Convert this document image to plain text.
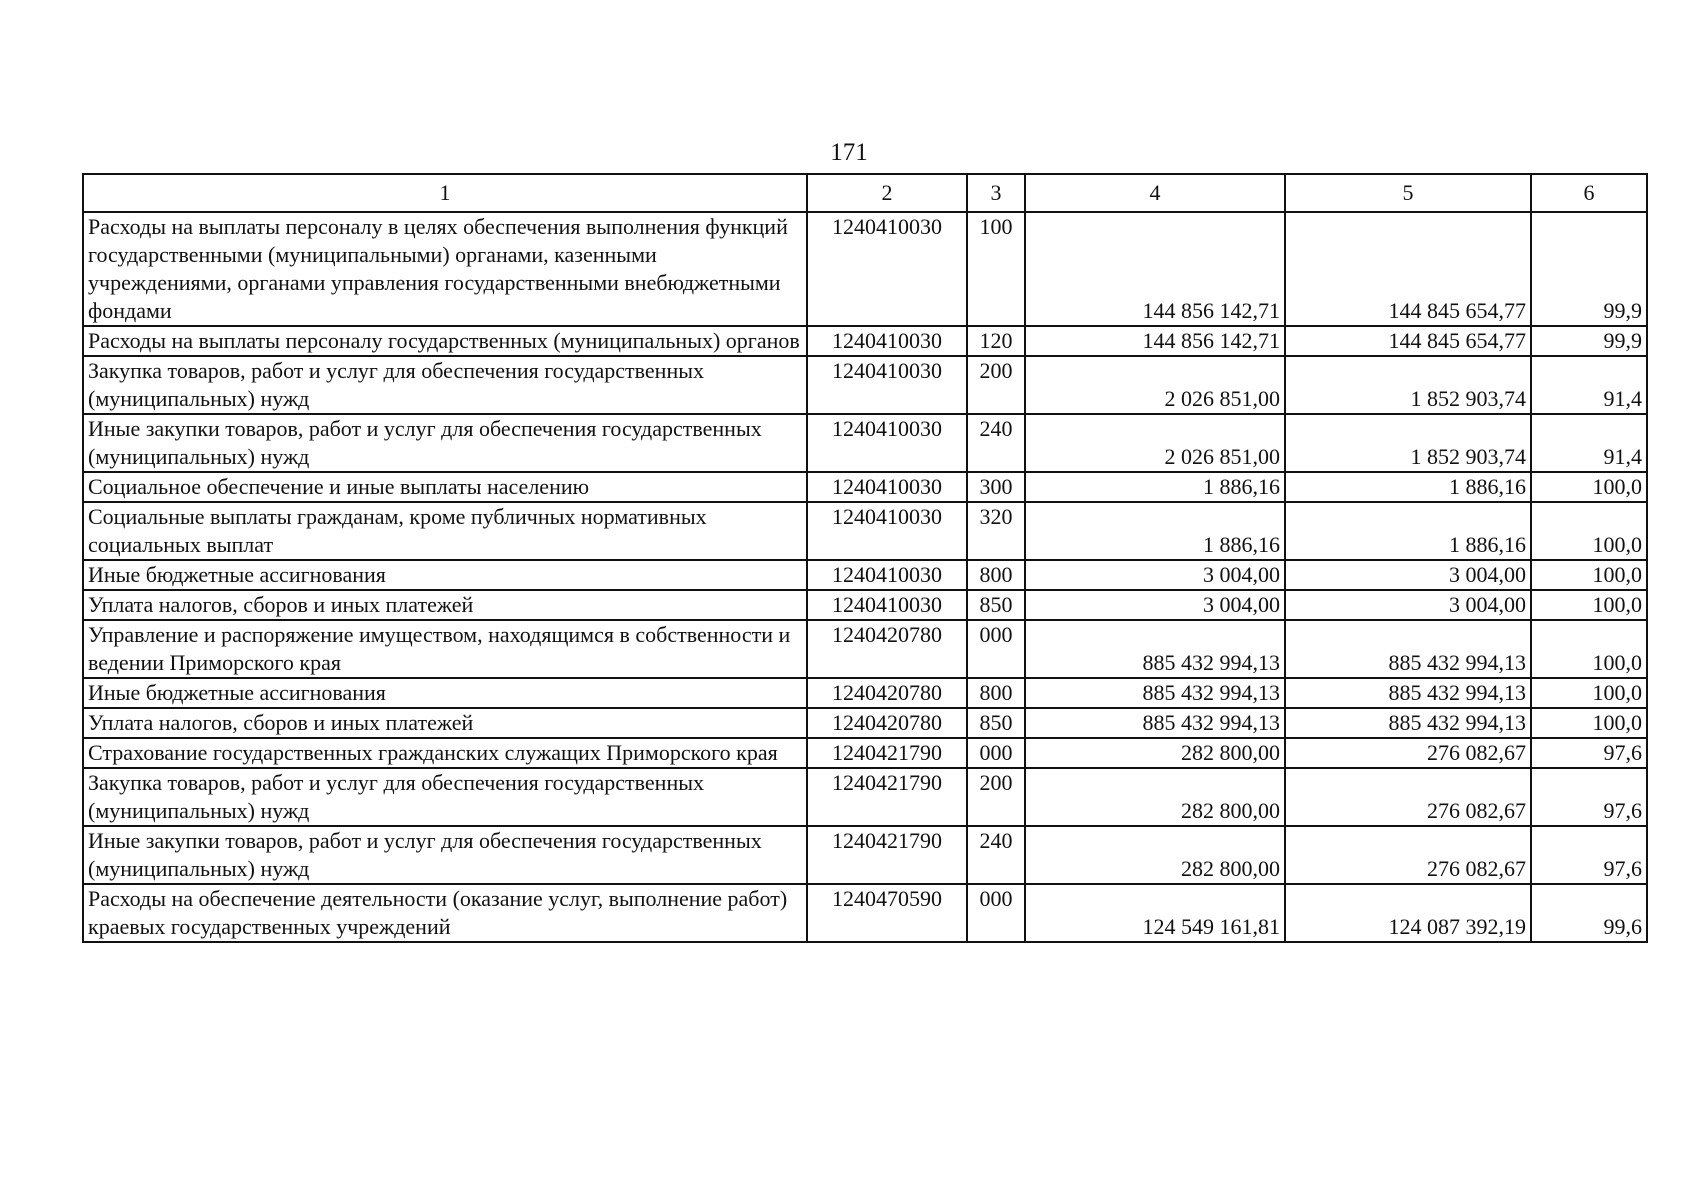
171
1	2	3	4	5	6
Расходы на выплаты персоналу в целях обеспечения выполнения функций государственными (муниципальными) органами, казенными учреждениями, органами управления государственными внебюджетными фондами	1240410030	100	144 856 142,71	144 845 654,77	99,9
Расходы на выплаты персоналу государственных (муниципальных) органов	1240410030	120	144 856 142,71	144 845 654,77	99,9
Закупка товаров, работ и услуг для обеспечения государственных (муниципальных) нужд	1240410030	200	2 026 851,00	1 852 903,74	91,4
Иные закупки товаров, работ и услуг для обеспечения государственных (муниципальных) нужд	1240410030	240	2 026 851,00	1 852 903,74	91,4
Социальное обеспечение и иные выплаты населению	1240410030	300	1 886,16	1 886,16	100,0
Социальные выплаты гражданам, кроме публичных нормативных социальных выплат	1240410030	320	1 886,16	1 886,16	100,0
Иные бюджетные ассигнования	1240410030	800	3 004,00	3 004,00	100,0
Уплата налогов, сборов и иных платежей	1240410030	850	3 004,00	3 004,00	100,0
Управление и распоряжение имуществом, находящимся в собственности и ведении Приморского края	1240420780	000	885 432 994,13	885 432 994,13	100,0
Иные бюджетные ассигнования	1240420780	800	885 432 994,13	885 432 994,13	100,0
Уплата налогов, сборов и иных платежей	1240420780	850	885 432 994,13	885 432 994,13	100,0
Страхование государственных гражданских служащих Приморского края	1240421790	000	282 800,00	276 082,67	97,6
Закупка товаров, работ и услуг для обеспечения государственных (муниципальных) нужд	1240421790	200	282 800,00	276 082,67	97,6
Иные закупки товаров, работ и услуг для обеспечения государственных (муниципальных) нужд	1240421790	240	282 800,00	276 082,67	97,6
Расходы на обеспечение деятельности (оказание услуг, выполнение работ) краевых государственных учреждений	1240470590	000	124 549 161,81	124 087 392,19	99,6
